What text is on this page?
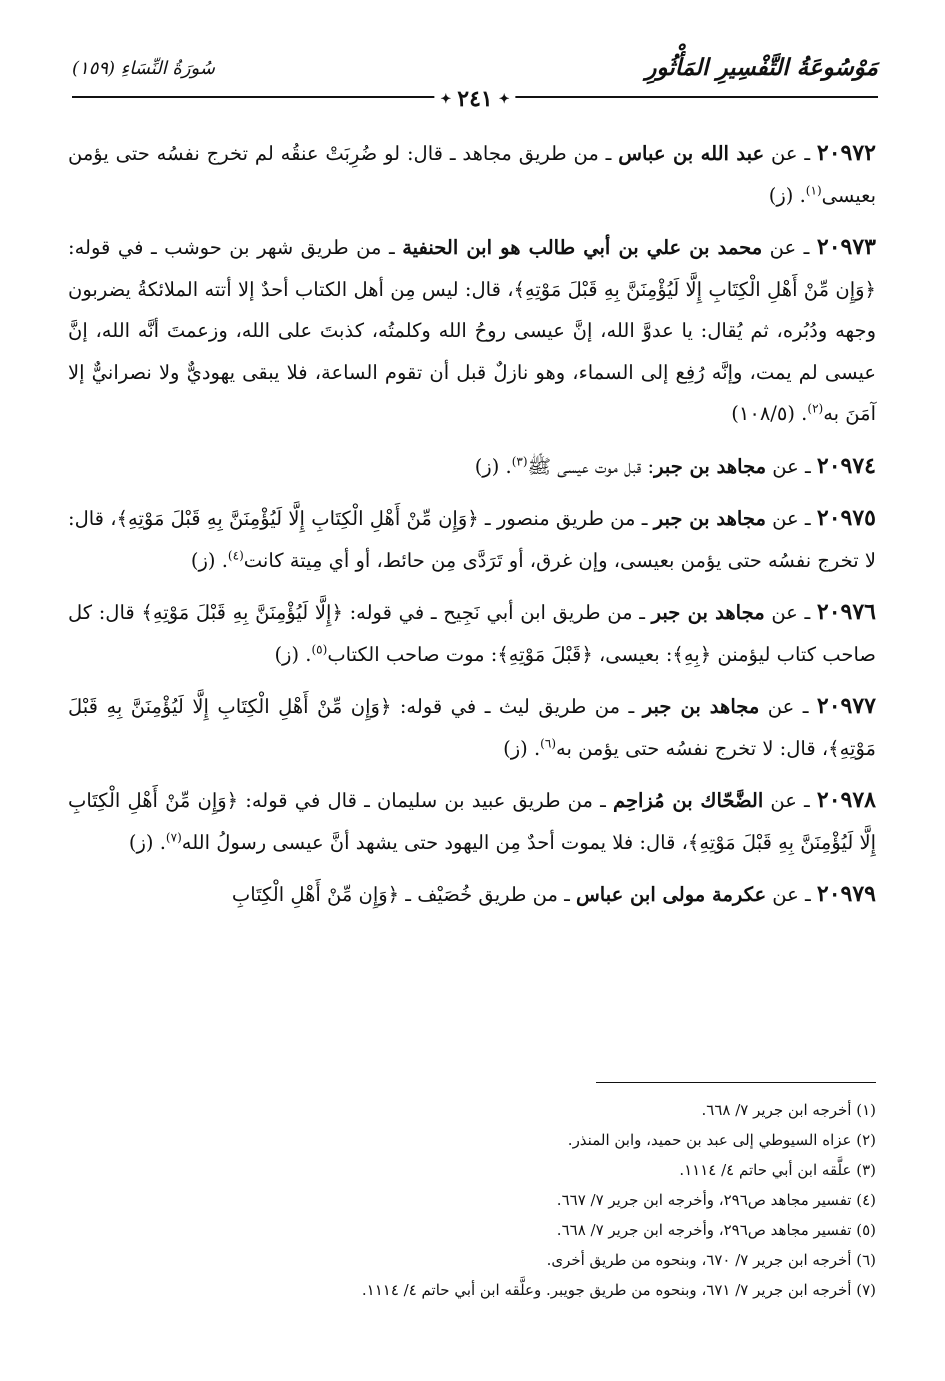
مَوْسُوعَةُ التَّفْسِيرِ المَأْثُورِ
سُورَةُ النِّسَاءِ (١٥٩)
✦
٢٤١
✦

٢٠٩٧٢ ـ عن عبد الله بن عباس ـ من طريق مجاهد ـ قال: لو ضُرِبَتْ عنقُه لم تخرج نفسُه حتى يؤمن بعيسى$^{(١)}$. (ز)

٢٠٩٧٣ ـ عن محمد بن علي بن أبي طالب هو ابن الحنفية ـ من طريق شهر بن حوشب ـ في قوله: ﴿وَإِن مِّنْ أَهْلِ الْكِتَابِ إِلَّا لَيُؤْمِنَنَّ بِهِ قَبْلَ مَوْتِهِ﴾، قال: ليس مِن أهل الكتاب أحدٌ إلا أتته الملائكةُ يضربون وجهه ودُبُره، ثم يُقال: يا عدوَّ الله، إنَّ عيسى روحُ الله وكلمتُه، كذبتَ على الله، وزعمتَ أنَّه الله، إنَّ عيسى لم يمت، وإنَّه رُفِع إلى السماء، وهو نازلٌ قبل أن تقوم الساعة، فلا يبقى يهوديٌّ ولا نصرانيٌّ إلا آمَنَ به$^{(٢)}$. (١٠٨/٥)

٢٠٩٧٤ ـ عن مجاهد بن جبر: قبل موت عيسى ﷺ$^{(٣)}$. (ز)

٢٠٩٧٥ ـ عن مجاهد بن جبر ـ من طريق منصور ـ ﴿وَإِن مِّنْ أَهْلِ الْكِتَابِ إِلَّا لَيُؤْمِنَنَّ بِهِ قَبْلَ مَوْتِهِ﴾، قال: لا تخرج نفسُه حتى يؤمن بعيسى، وإن غرق، أو تَرَدَّى مِن حائط، أو أي مِيتة كانت$^{(٤)}$. (ز)

٢٠٩٧٦ ـ عن مجاهد بن جبر ـ من طريق ابن أبي نَجِيح ـ في قوله: ﴿إِلَّا لَيُؤْمِنَنَّ بِهِ قَبْلَ مَوْتِهِ﴾ قال: كل صاحب كتاب ليؤمنن ﴿بِهِ﴾: بعيسى، ﴿قَبْلَ مَوْتِهِ﴾: موت صاحب الكتاب$^{(٥)}$. (ز)

٢٠٩٧٧ ـ عن مجاهد بن جبر ـ من طريق ليث ـ في قوله: ﴿وَإِن مِّنْ أَهْلِ الْكِتَابِ إِلَّا لَيُؤْمِنَنَّ بِهِ قَبْلَ مَوْتِهِ﴾، قال: لا تخرج نفسُه حتى يؤمن به$^{(٦)}$. (ز)

٢٠٩٧٨ ـ عن الضَّحّاك بن مُزاحِم ـ من طريق عبيد بن سليمان ـ قال في قوله: ﴿وَإِن مِّنْ أَهْلِ الْكِتَابِ إِلَّا لَيُؤْمِنَنَّ بِهِ قَبْلَ مَوْتِهِ﴾، قال: فلا يموت أحدٌ مِن اليهود حتى يشهد أنَّ عيسى رسولُ الله$^{(٧)}$. (ز)

٢٠٩٧٩ ـ عن عكرمة مولى ابن عباس ـ من طريق خُصَيْف ـ ﴿وَإِن مِّنْ أَهْلِ الْكِتَابِ

(١) أخرجه ابن جرير ٧/ ٦٦٨.
(٢) عزاه السيوطي إلى عبد بن حميد، وابن المنذر.
(٣) علَّقه ابن أبي حاتم ٤/ ١١١٤.
(٤) تفسير مجاهد ص٢٩٦، وأخرجه ابن جرير ٧/ ٦٦٧.
(٥) تفسير مجاهد ص٢٩٦، وأخرجه ابن جرير ٧/ ٦٦٨.
(٦) أخرجه ابن جرير ٧/ ٦٧٠، وبنحوه من طريق أخرى.
(٧) أخرجه ابن جرير ٧/ ٦٧١، وبنحوه من طريق جويبر. وعلَّقه ابن أبي حاتم ٤/ ١١١٤.
